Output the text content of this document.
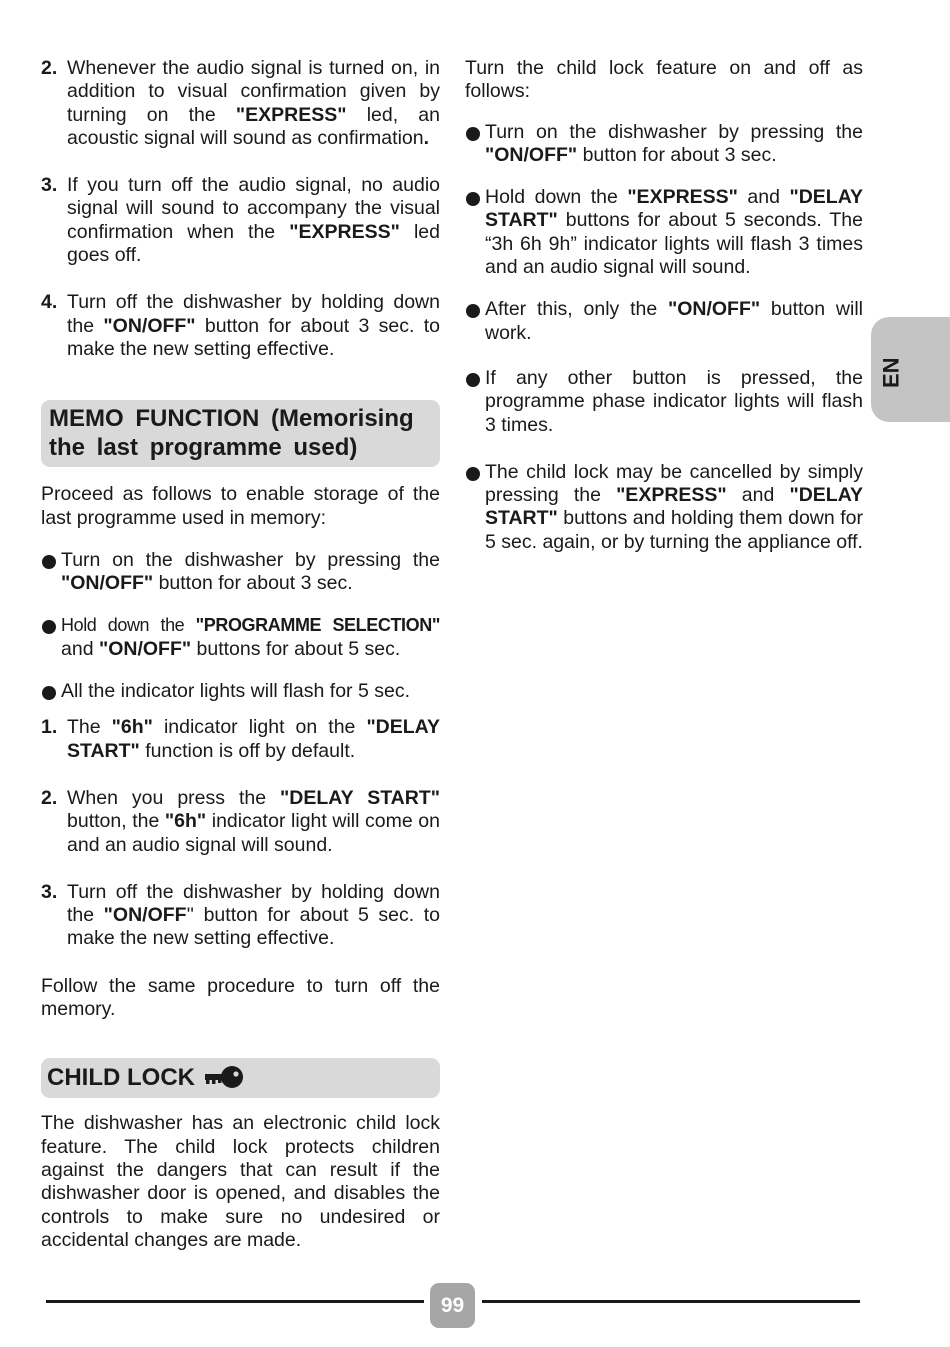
2. Whenever the audio signal is turned on, in addition to visual confirmation given by turning on the "EXPRESS" led, an acoustic signal will sound as confirmation.
3. If you turn off the audio signal, no audio signal will sound to accompany the visual confirmation when the "EXPRESS" led goes off.
4. Turn off the dishwasher by holding down the "ON/OFF" button for about 3 sec. to make the new setting effective.
MEMO FUNCTION (Memorising the last programme used)
Proceed as follows to enable storage of the last programme used in memory:
Turn on the dishwasher by pressing the "ON/OFF" button for about 3 sec.
Hold down the "PROGRAMME SELECTION" and "ON/OFF" buttons for about 5 sec.
All the indicator lights will flash for 5 sec.
1. The "6h" indicator light on the "DELAY START" function is off by default.
2. When you press the "DELAY START" button, the "6h" indicator light will come on and an audio signal will sound.
3. Turn off the dishwasher by holding down the "ON/OFF'' button for about 5 sec. to make the new setting effective.
Follow the same procedure to turn off the memory.
CHILD LOCK
The dishwasher has an electronic child lock feature. The child lock protects children against the dangers that can result if the dishwasher door is opened, and disables the controls to make sure no undesired or accidental changes are made.
Turn the child lock feature on and off as follows:
Turn on the dishwasher by pressing the "ON/OFF" button for about 3 sec.
Hold down the "EXPRESS" and "DELAY START" buttons for about 5 seconds. The “3h 6h 9h” indicator lights will flash 3 times and an audio signal will sound.
After this, only the "ON/OFF" button will work.
If any other button is pressed, the programme phase indicator lights will flash 3 times.
The child lock may be cancelled by simply pressing the "EXPRESS" and "DELAY START" buttons and holding them down for 5 sec. again, or by turning the appliance off.
EN
99
